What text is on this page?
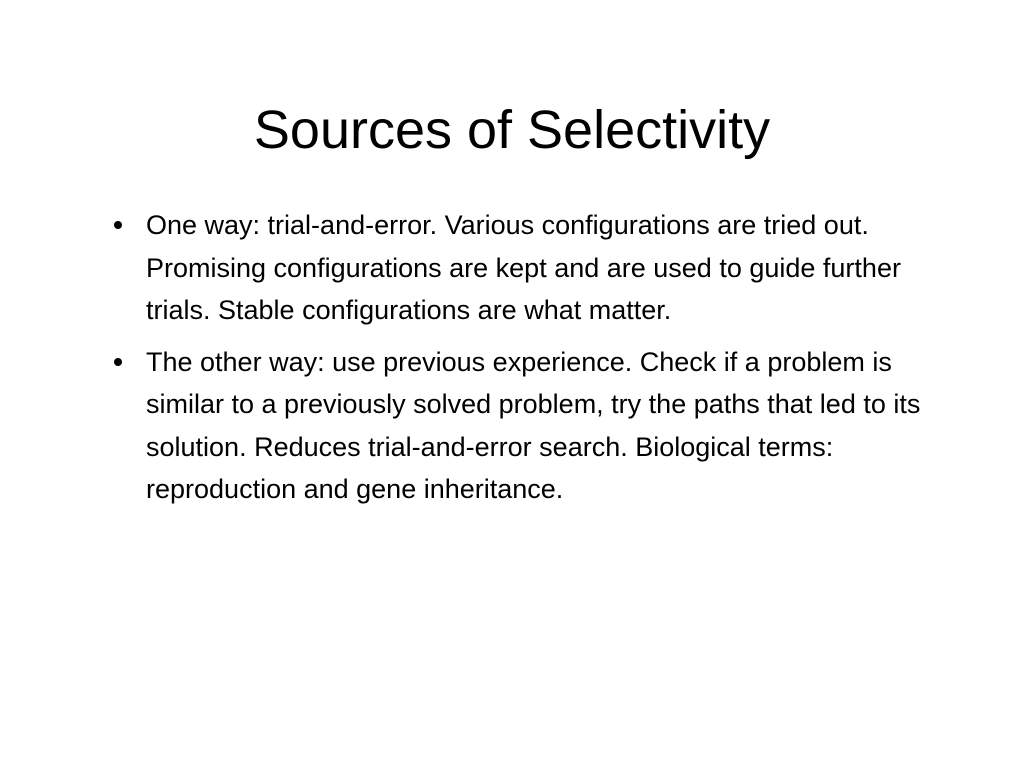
Sources of Selectivity
One way: trial-and-error. Various configurations are tried out. Promising configurations are kept and are used to guide further trials. Stable configurations are what matter.
The other way: use previous experience. Check if a problem is similar to a previously solved problem, try the paths that led to its solution. Reduces trial-and-error search. Biological terms: reproduction and gene inheritance.
